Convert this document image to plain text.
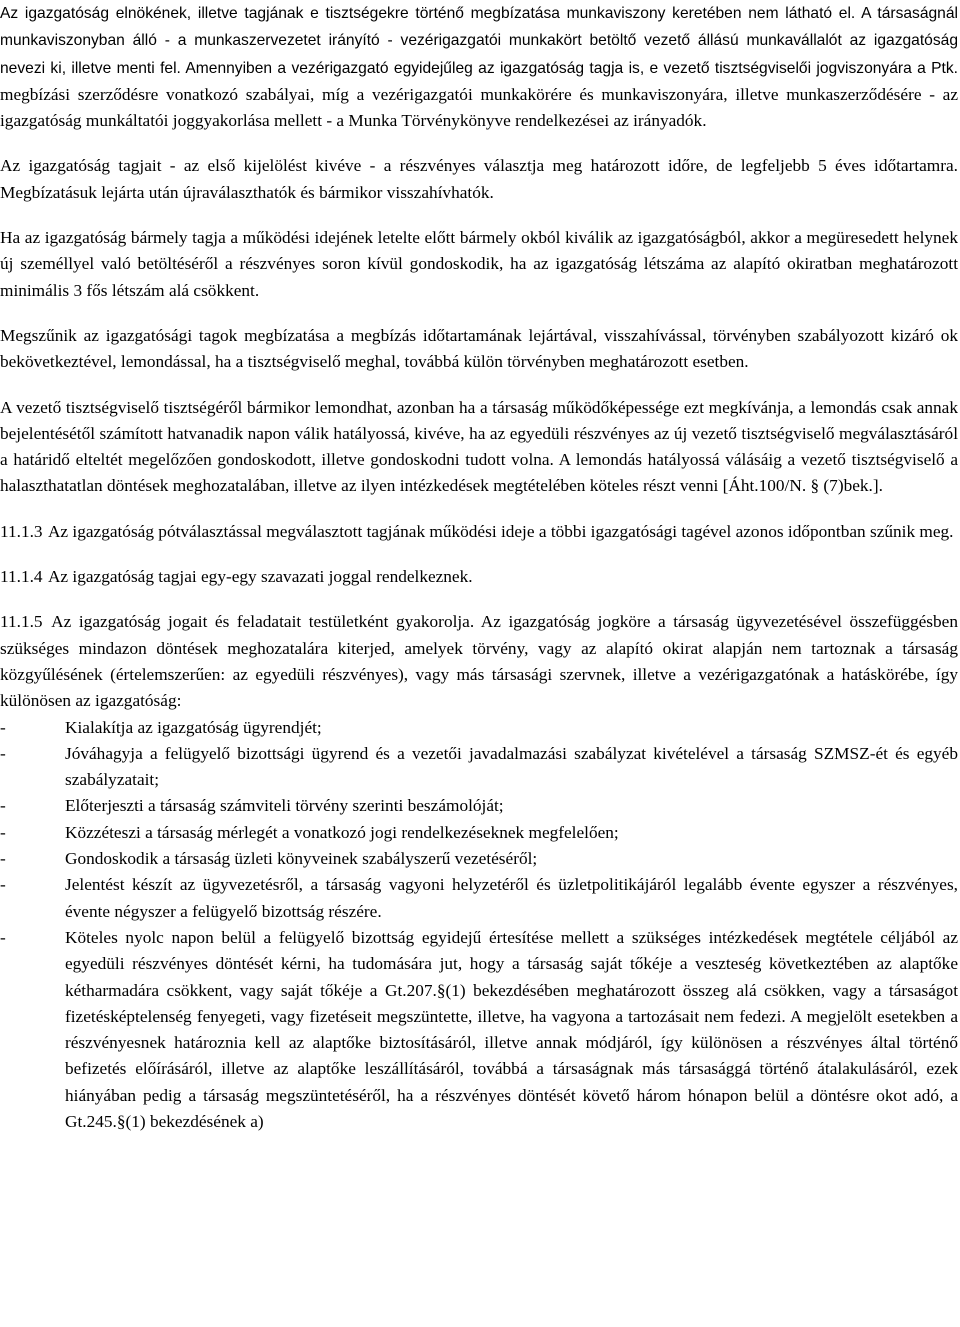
Az igazgatóság elnökének, illetve tagjának e tisztségekre történő megbízatása munkaviszony keretében nem látható el. A társaságnál munkaviszonyban álló - a munkaszervezetet irányító - vezérigazgatói munkakört betöltő vezető állású munkavállalót az igazgatóság nevezi ki, illetve menti fel. Amennyiben a vezérigazgató egyidejűleg az igazgatóság tagja is, e vezető tisztségviselői jogviszonyára a Ptk. megbízási szerződésre vonatkozó szabályai, míg a vezérigazgatói munkakörére és munkaviszonyára, illetve munkaszerződésére - az igazgatóság munkáltatói joggyakorlása mellett - a Munka Törvénykönyve rendelkezései az irányadók.

Az igazgatóság tagjait - az első kijelölést kivéve - a részvényes választja meg határozott időre, de legfeljebb 5 éves időtartamra. Megbízatásuk lejárta után újraválaszthatók és bármikor visszahívhatók.

Ha az igazgatóság bármely tagja a működési idejének letelte előtt bármely okból kiválik az igazgatóságból, akkor a megüresedett helynek új személlyel való betöltéséről a részvényes soron kívül gondoskodik, ha az igazgatóság létszáma az alapító okiratban meghatározott minimális 3 fős létszám alá csökkent.

Megszűnik az igazgatósági tagok megbízatása a megbízás időtartamának lejártával, visszahívással, törvényben szabályozott kizáró ok bekövetkeztével, lemondással, ha a tisztségviselő meghal, továbbá külön törvényben meghatározott esetben.

A vezető tisztségviselő tisztségéről bármikor lemondhat, azonban ha a társaság működőképessége ezt megkívánja, a lemondás csak annak bejelentésétől számított hatvanadik napon válik hatályossá, kivéve, ha az egyedüli részvényes az új vezető tisztségviselő megválasztásáról a határidő elteltét megelőzően gondoskodott, illetve gondoskodni tudott volna. A lemondás hatályossá válásáig a vezető tisztségviselő a halaszthatatlan döntések meghozatalában, illetve az ilyen intézkedések megtételében köteles részt venni [Áht.100/N. § (7)bek.].

11.1.3 Az igazgatóság pótválasztással megválasztott tagjának működési ideje a többi igazgatósági tagével azonos időpontban szűnik meg.

11.1.4 Az igazgatóság tagjai egy-egy szavazati joggal rendelkeznek.

11.1.5 Az igazgatóság jogait és feladatait testületként gyakorolja. Az igazgatóság jogköre a társaság ügyvezetésével összefüggésben szükséges mindazon döntések meghozatalára kiterjed, amelyek törvény, vagy az alapító okirat alapján nem tartoznak a társaság közgyűlésének (értelemszerűen: az egyedüli részvényes), vagy más társasági szervnek, illetve a vezérigazgatónak a hatáskörébe, így különösen az igazgatóság:

-	Kialakítja az igazgatóság ügyrendjét;
-	Jóváhagyja a felügyelő bizottsági ügyrend és a vezetői javadalmazási szabályzat kivételével a társaság SZMSZ-ét és egyéb szabályzatait;
-	Előterjeszti a társaság számviteli törvény szerinti beszámolóját;
-	Közzéteszi a társaság mérlegét a vonatkozó jogi rendelkezéseknek megfelelően;
-	Gondoskodik a társaság üzleti könyveinek szabályszerű vezetéséről;
-	Jelentést készít az ügyvezetésről, a társaság vagyoni helyzetéről és üzletpolitikájáról legalább évente egyszer a részvényes, évente négyszer a felügyelő bizottság részére.
-	Köteles nyolc napon belül a felügyelő bizottság egyidejű értesítése mellett a szükséges intézkedések megtétele céljából az egyedüli részvényes döntését kérni, ha tudomására jut, hogy a társaság saját tőkéje a veszteség következtében az alaptőke kétharmadára csökkent, vagy saját tőkéje a Gt.207.§(1) bekezdésében meghatározott összeg alá csökken, vagy a társaságot fizetésképtelenség fenyegeti, vagy fizetéseit megszüntette, illetve, ha vagyona a tartozásait nem fedezi. A megjelölt esetekben a részvényesnek határoznia kell az alaptőke biztosításáról, illetve annak módjáról, így különösen a részvényes által történő befizetés előírásáról, illetve az alaptőke leszállításáról, továbbá a társaságnak más társasággá történő átalakulásáról, ezek hiányában pedig a társaság megszüntetéséről, ha a részvényes döntését követő három hónapon belül a döntésre okot adó, a Gt.245.§(1) bekezdésének a)
